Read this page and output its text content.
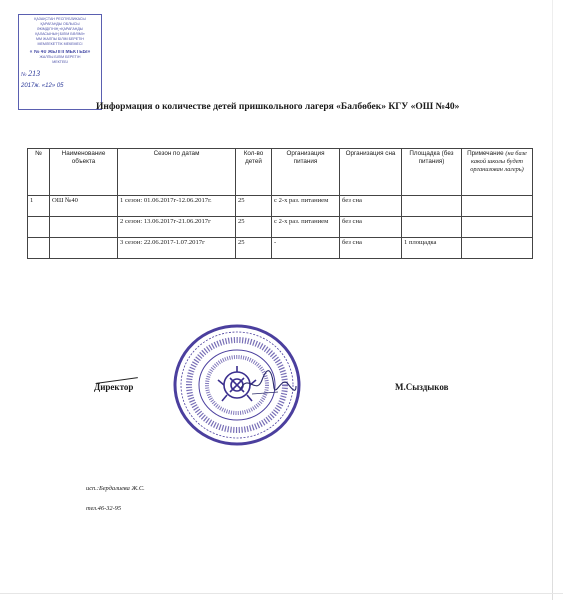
ҚАЗАҚСТАН РЕСПУБЛИКАСЫ
ҚАРАҒАНДЫ ОБЛЫСЫ
ӘКІМДІГІНІҢ «ҚАРАҒАНДЫ
ҚАЛАСЫНЫҢ БІЛІМ БӨЛІМІ»
ММ ЖАЛПЫ БІЛІМ БЕРЕТІН
МЕМЛЕКЕТТІК МЕКЕМЕСІ
« № 40 ЖЕЛПІ МЕКТЕБІ»
ЖАЛПЫ БІЛІМ БЕРЕТІН
МЕКТЕБІ
№ 213
2017ж. «12» 05
Информация о количестве детей пришкольного лагеря «Балбөбек» КГУ «ОШ №40»
№	Наименование объекта	Сезон по датам	Кол-во детей	Организация питания	Организация сна	Площадка (без питания)	Примечание (на базе какой школы будет организован лагерь)
1	ОШ №40	1 сезон: 01.06.2017г-12.06.2017г.	25	с 2-х раз. питанием	без сна		
		2 сезон: 13.06.2017г-21.06.2017г	25	с 2-х раз. питанием	без сна		
		3 сезон: 22.06.2017-1.07.2017г	25	-	без сна	1 площадка	
Директор	М.Сыздыков
исп.:Бердалиева Ж.С.
тел.46-32-95
